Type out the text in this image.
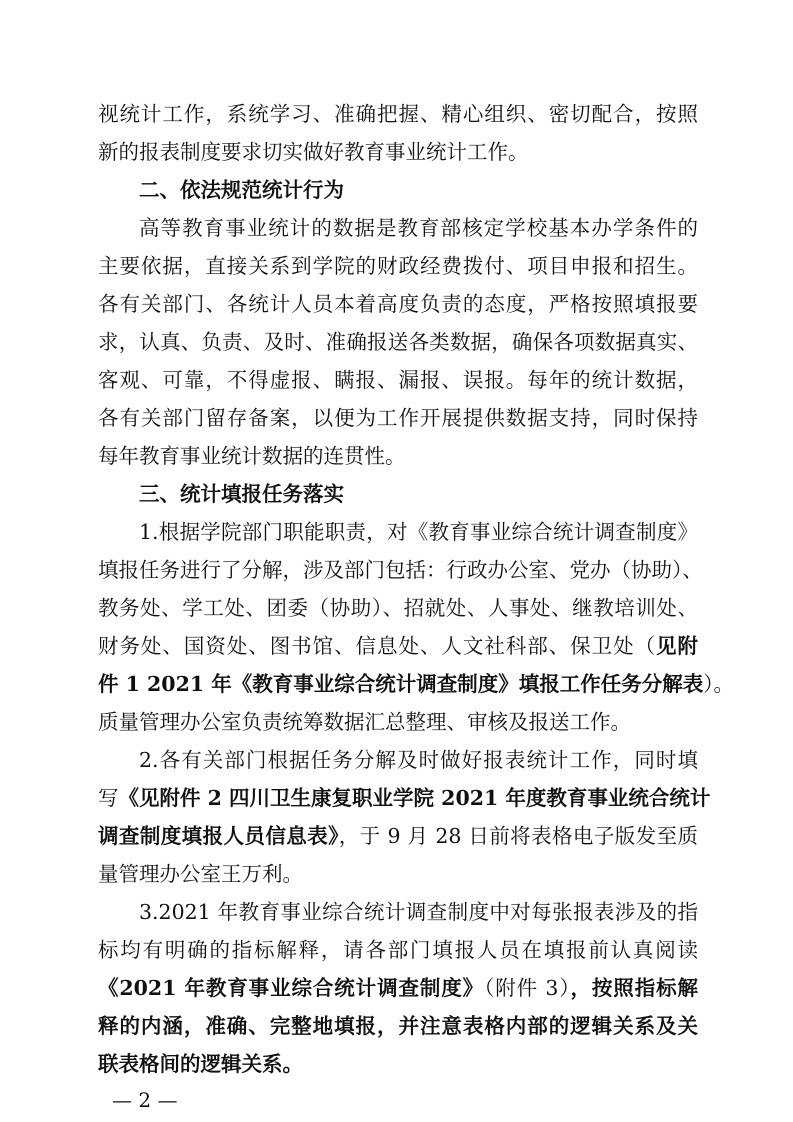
视统计工作，系统学习、准确把握、精心组织、密切配合，按照
新的报表制度要求切实做好教育事业统计工作。
二、依法规范统计行为
高等教育事业统计的数据是教育部核定学校基本办学条件的
主要依据，直接关系到学院的财政经费拨付、项目申报和招生。
各有关部门、各统计人员本着高度负责的态度，严格按照填报要
求，认真、负责、及时、准确报送各类数据，确保各项数据真实、
客观、可靠，不得虚报、瞒报、漏报、误报。每年的统计数据，
各有关部门留存备案，以便为工作开展提供数据支持，同时保持
每年教育事业统计数据的连贯性。
三、统计填报任务落实
1.根据学院部门职能职责，对《教育事业综合统计调查制度》
填报任务进行了分解，涉及部门包括：行政办公室、党办（协助）、
教务处、学工处、团委（协助）、招就处、人事处、继教培训处、
财务处、国资处、图书馆、信息处、人文社科部、保卫处（见附
件 1 2021 年《教育事业综合统计调查制度》填报工作任务分解表）。
质量管理办公室负责统筹数据汇总整理、审核及报送工作。
2.各有关部门根据任务分解及时做好报表统计工作，同时填
写《见附件 2 四川卫生康复职业学院 2021 年度教育事业统合统计
调查制度填报人员信息表》，于 9 月 28 日前将表格电子版发至质
量管理办公室王万利。
3.2021 年教育事业综合统计调查制度中对每张报表涉及的指
标均有明确的指标解释，请各部门填报人员在填报前认真阅读
《2021 年教育事业综合统计调查制度》（附件 3），按照指标解
释的内涵，准确、完整地填报，并注意表格内部的逻辑关系及关
— 2 —
联表格间的逻辑关系。
